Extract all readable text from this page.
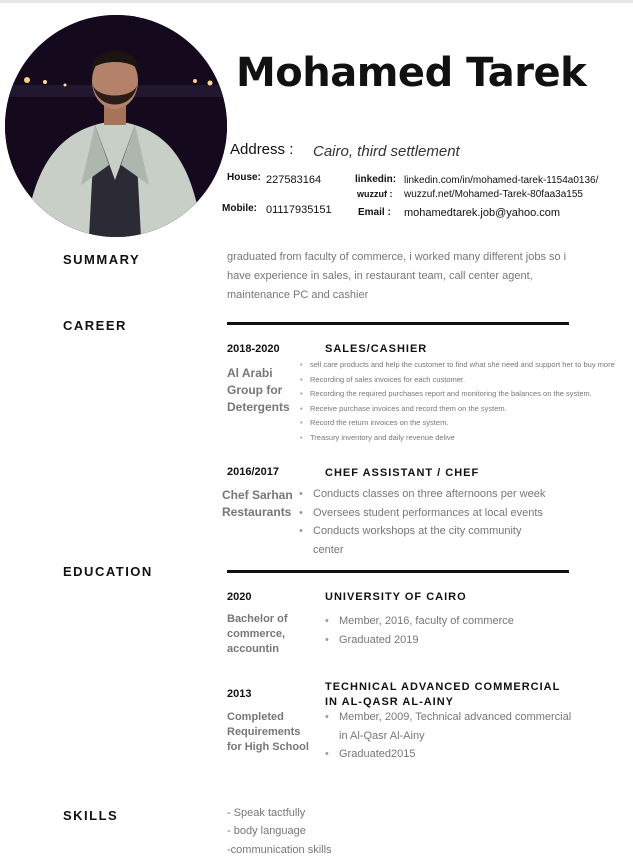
Mohamed Tarek
Address : Cairo, third settlement
House: 227583164
Mobile: 01117935151
linkedin: linkedin.com/in/mohamed-tarek-1154a0136/
wuzzuf : wuzzuf.net/Mohamed-Tarek-80faa3a155
Email : mohamedtarek.job@yahoo.com
SUMMARY	graduated from faculty of commerce, i worked many different jobs so i have experience in sales, in restaurant team, call center agent, maintenance PC and cashier
CAREER
2018-2020
Al Arabi Group for Detergents
SALES/CASHIER
• sell care products and help the customer to find what she need and support her to buy more
• Recording of sales invoices for each customer.
• Recording the required purchases report and monitoring the balances on the system.
• Receive purchase invoices and record them on the system.
• Record the return invoices on the system.
• Treasury inventory and daily revenue delive
2016/2017
Chef Sarhan Restaurants
CHEF ASSISTANT / CHEF
• Conducts classes on three afternoons per week
• Oversees student performances at local events
• Conducts workshops at the city community center
EDUCATION
2020
Bachelor of commerce, accountin
UNIVERSITY OF CAIRO
• Member, 2016, faculty of commerce
• Graduated 2019
2013
Completed Requirements for High School
TECHNICAL ADVANCED COMMERCIAL IN AL-QASR AL-AINY
• Member, 2009, Technical advanced commercial in Al-Qasr Al-Ainy
• Graduated2015
SKILLS	- Speak tactfully
- body language
-communication skills
